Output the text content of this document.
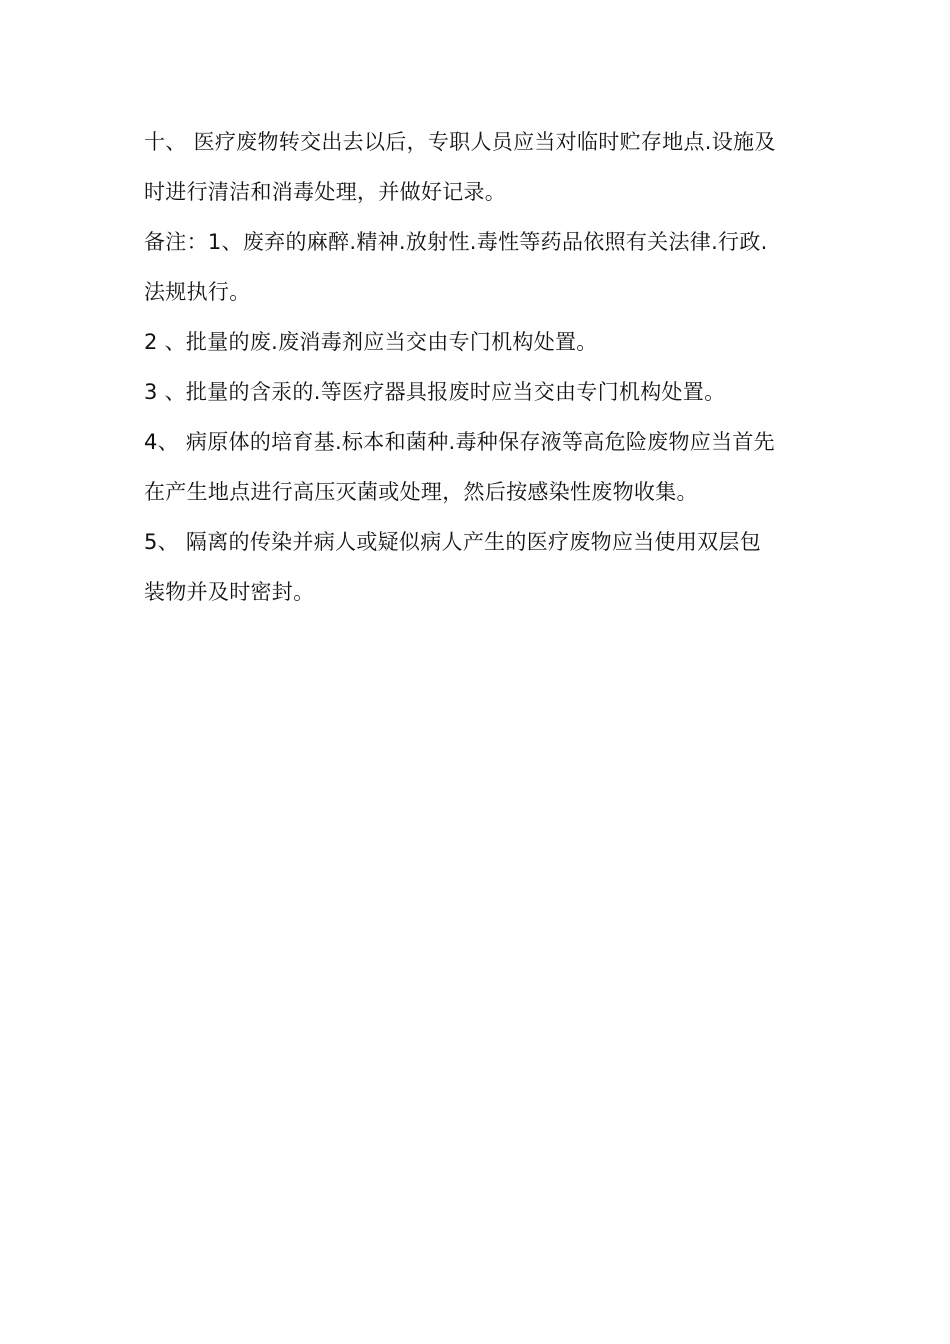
十、 医疗废物转交出去以后，专职人员应当对临时贮存地点.设施及
时进行清洁和消毒处理，并做好记录。
备注：1、废弃的麻醉.精神.放射性.毒性等药品依照有关法律.行政.
法规执行。
2 、批量的废.废消毒剂应当交由专门机构处置。
3 、批量的含汞的.等医疗器具报废时应当交由专门机构处置。
4、 病原体的培育基.标本和菌种.毒种保存液等高危险废物应当首先
在产生地点进行高压灭菌或处理，然后按感染性废物收集。
5、 隔离的传染并病人或疑似病人产生的医疗废物应当使用双层包
装物并及时密封。
